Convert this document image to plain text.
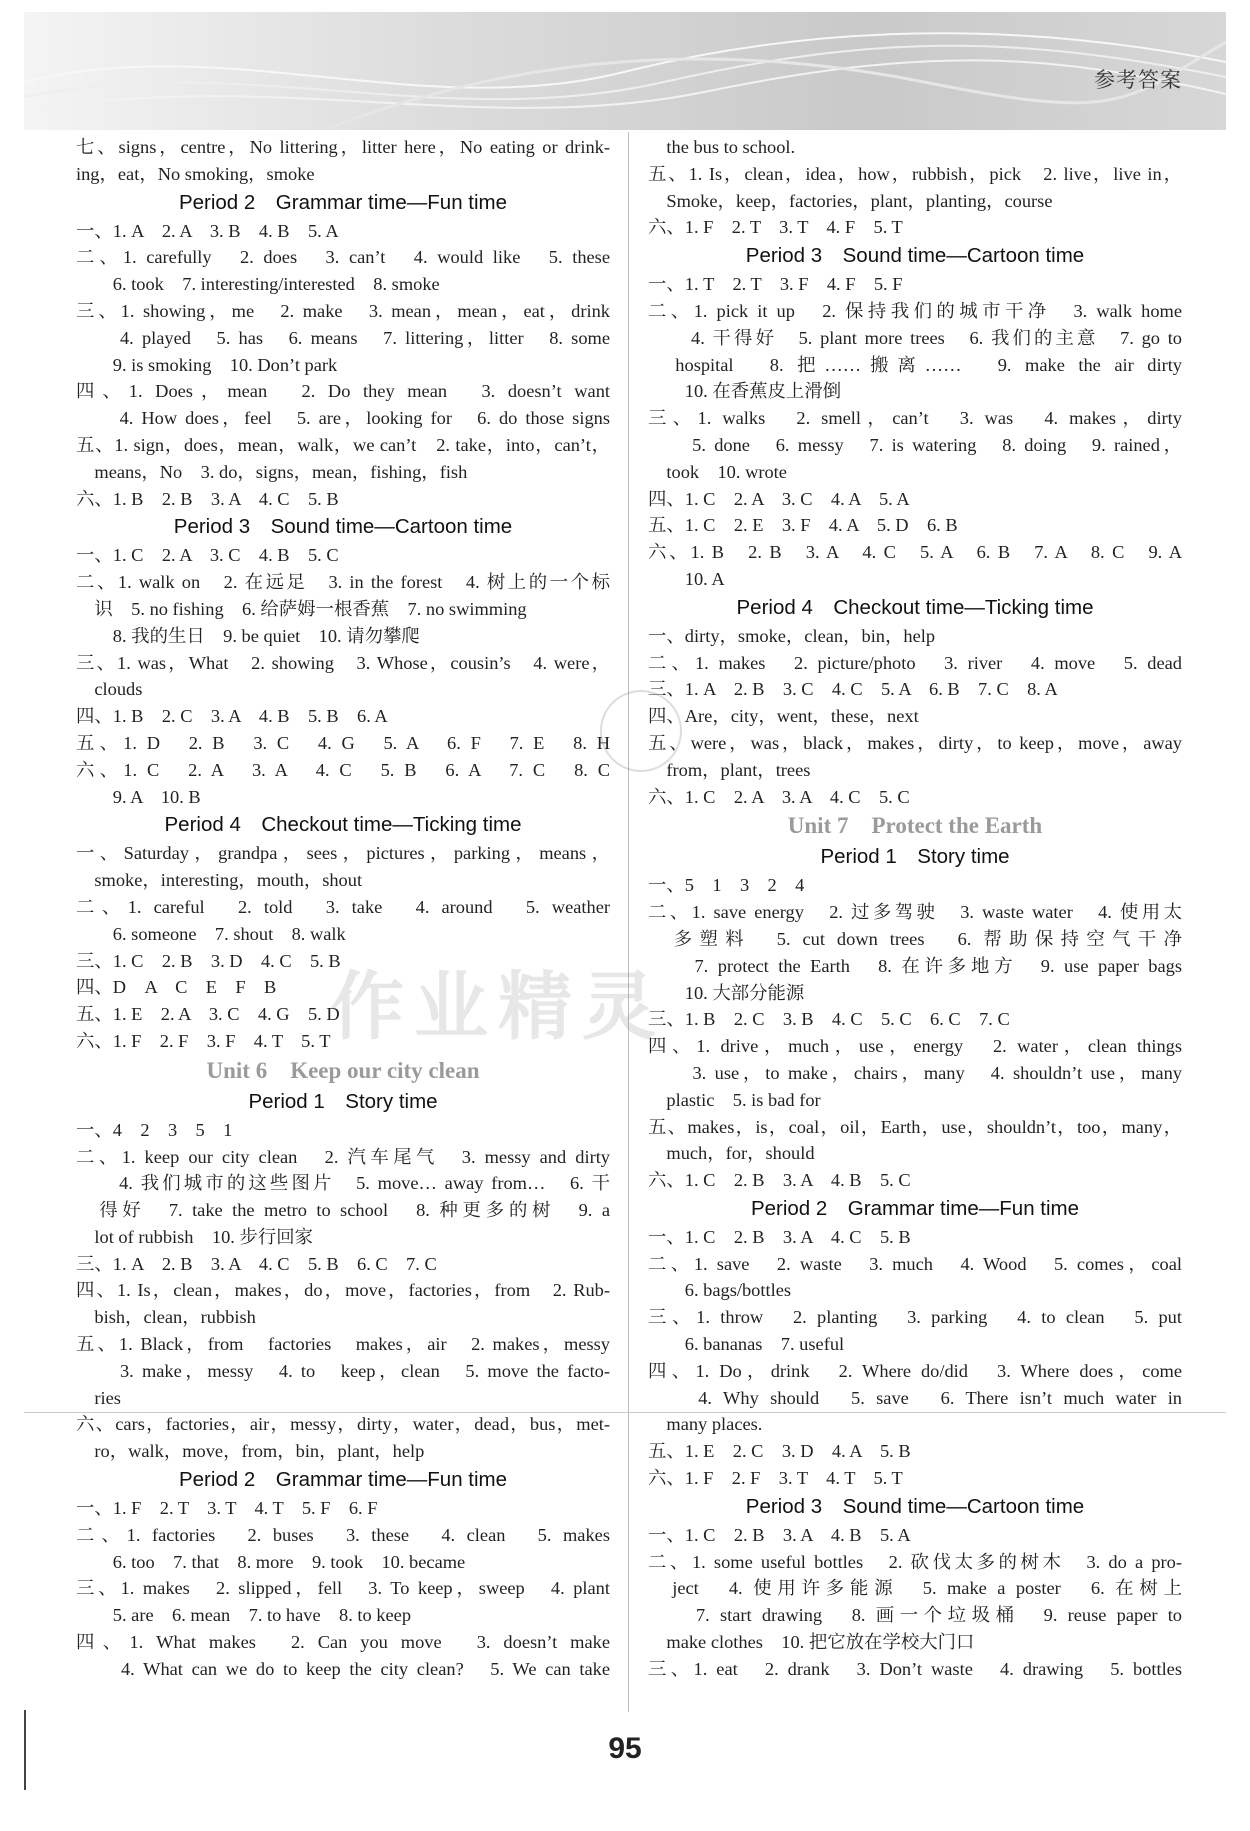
参考答案
七、signs，centre，No littering，litter here，No eating or drink-
ing，eat，No smoking，smoke
Period 2　Grammar time—Fun time
一、1. A　2. A　3. B　4. B　5. A
二、1. carefully　2. does　3. can’t　4. would like　5. these
　　6. took　7. interesting/interested　8. smoke
三、1. showing，me　2. make　3. mean，mean，eat，drink
　　4. played　5. has　6. means　7. littering，litter　8. some
　　9. is smoking　10. Don’t park
四、1. Does，mean　2. Do they mean　3. doesn’t want
　　4. How does，feel　5. are，looking for　6. do those signs
五、1. sign，does，mean，walk，we can’t　2. take，into，can’t，
　means，No　3. do，signs，mean，fishing，fish
六、1. B　2. B　3. A　4. C　5. B
Period 3　Sound time—Cartoon time
一、1. C　2. A　3. C　4. B　5. C
二、1. walk on　2. 在远足　3. in the forest　4. 树上的一个标
　识　5. no fishing　6. 给萨姆一根香蕉　7. no swimming
　　8. 我的生日　9. be quiet　10. 请勿攀爬
三、1. was，What　2. showing　3. Whose，cousin’s　4. were，
　clouds
四、1. B　2. C　3. A　4. B　5. B　6. A
五、1. D　2. B　3. C　4. G　5. A　6. F　7. E　8. H
六、1. C　2. A　3. A　4. C　5. B　6. A　7. C　8. C
　　9. A　10. B
Period 4　Checkout time—Ticking time
一、Saturday，grandpa，sees，pictures，parking，means，
　smoke，interesting，mouth，shout
二、1. careful　2. told　3. take　4. around　5. weather
　　6. someone　7. shout　8. walk
三、1. C　2. B　3. D　4. C　5. B
四、D　A　C　E　F　B
五、1. E　2. A　3. C　4. G　5. D
六、1. F　2. F　3. F　4. T　5. T
Unit 6　Keep our city clean
Period 1　Story time
一、4　2　3　5　1
二、1. keep our city clean　2. 汽车尾气　3. messy and dirty
　　4. 我们城市的这些图片　5. move… away from…　6. 干
　得好　7. take the metro to school　8. 种更多的树　9. a
　lot of rubbish　10. 步行回家
三、1. A　2. B　3. A　4. C　5. B　6. C　7. C
四、1. Is，clean，makes，do，move，factories，from　2. Rub-
　bish，clean，rubbish
五、1. Black，from　factories　makes，air　2. makes，messy
　　3. make，messy　4. to　keep，clean　5. move the facto-
　ries
六、cars，factories，air，messy，dirty，water，dead，bus，met-
　ro，walk，move，from，bin，plant，help
Period 2　Grammar time—Fun time
一、1. F　2. T　3. T　4. T　5. F　6. F
二、1. factories　2. buses　3. these　4. clean　5. makes
　　6. too　7. that　8. more　9. took　10. became
三、1. makes　2. slipped，fell　3. To keep，sweep　4. plant
　　5. are　6. mean　7. to have　8. to keep
四、1. What makes　2. Can you move　3. doesn’t make
　　4. What can we do to keep the city clean?　5. We can take
　the bus to school.
五、1. Is，clean，idea，how，rubbish，pick　2. live，live in，
　Smoke，keep，factories，plant，planting，course
六、1. F　2. T　3. T　4. F　5. T
Period 3　Sound time—Cartoon time
一、1. T　2. T　3. F　4. F　5. F
二、1. pick it up　2. 保持我们的城市干净　3. walk home
　　4. 干得好　5. plant more trees　6. 我们的主意　7. go to
　hospital　8. 把……搬离……　9. make the air dirty
　　10. 在香蕉皮上滑倒
三、1. walks　2. smell，can’t　3. was　4. makes，dirty
　　5. done　6. messy　7. is watering　8. doing　9. rained，
　took　10. wrote
四、1. C　2. A　3. C　4. A　5. A
五、1. C　2. E　3. F　4. A　5. D　6. B
六、1. B　2. B　3. A　4. C　5. A　6. B　7. A　8. C　9. A
　　10. A
Period 4　Checkout time—Ticking time
一、dirty，smoke，clean，bin，help
二、1. makes　2. picture/photo　3. river　4. move　5. dead
三、1. A　2. B　3. C　4. C　5. A　6. B　7. C　8. A
四、Are，city，went，these，next
五、were，was，black，makes，dirty，to keep，move，away
　from，plant，trees
六、1. C　2. A　3. A　4. C　5. C
Unit 7　Protect the Earth
Period 1　Story time
一、5　1　3　2　4
二、1. save energy　2. 过多驾驶　3. waste water　4. 使用太
　多塑料　5. cut down trees　6. 帮助保持空气干净
　　7. protect the Earth　8. 在许多地方　9. use paper bags
　　10. 大部分能源
三、1. B　2. C　3. B　4. C　5. C　6. C　7. C
四、1. drive，much，use，energy　2. water，clean things
　　3. use，to make，chairs，many　4. shouldn’t use，many
　plastic　5. is bad for
五、makes，is，coal，oil，Earth，use，shouldn’t，too，many，
　much，for，should
六、1. C　2. B　3. A　4. B　5. C
Period 2　Grammar time—Fun time
一、1. C　2. B　3. A　4. C　5. B
二、1. save　2. waste　3. much　4. Wood　5. comes，coal
　　6. bags/bottles
三、1. throw　2. planting　3. parking　4. to clean　5. put
　　6. bananas　7. useful
四、1. Do，drink　2. Where do/did　3. Where does，come
　　4. Why should　5. save　6. There isn’t much water in
　many places.
五、1. E　2. C　3. D　4. A　5. B
六、1. F　2. F　3. T　4. T　5. T
Period 3　Sound time—Cartoon time
一、1. C　2. B　3. A　4. B　5. A
二、1. some useful bottles　2. 砍伐太多的树木　3. do a pro-
　ject　4. 使用许多能源　5. make a poster　6. 在树上
　　7. start drawing　8. 画一个垃圾桶　9. reuse paper to
　make clothes　10. 把它放在学校大门口
三、1. eat　2. drank　3. Don’t waste　4. drawing　5. bottles
作业精灵
95
